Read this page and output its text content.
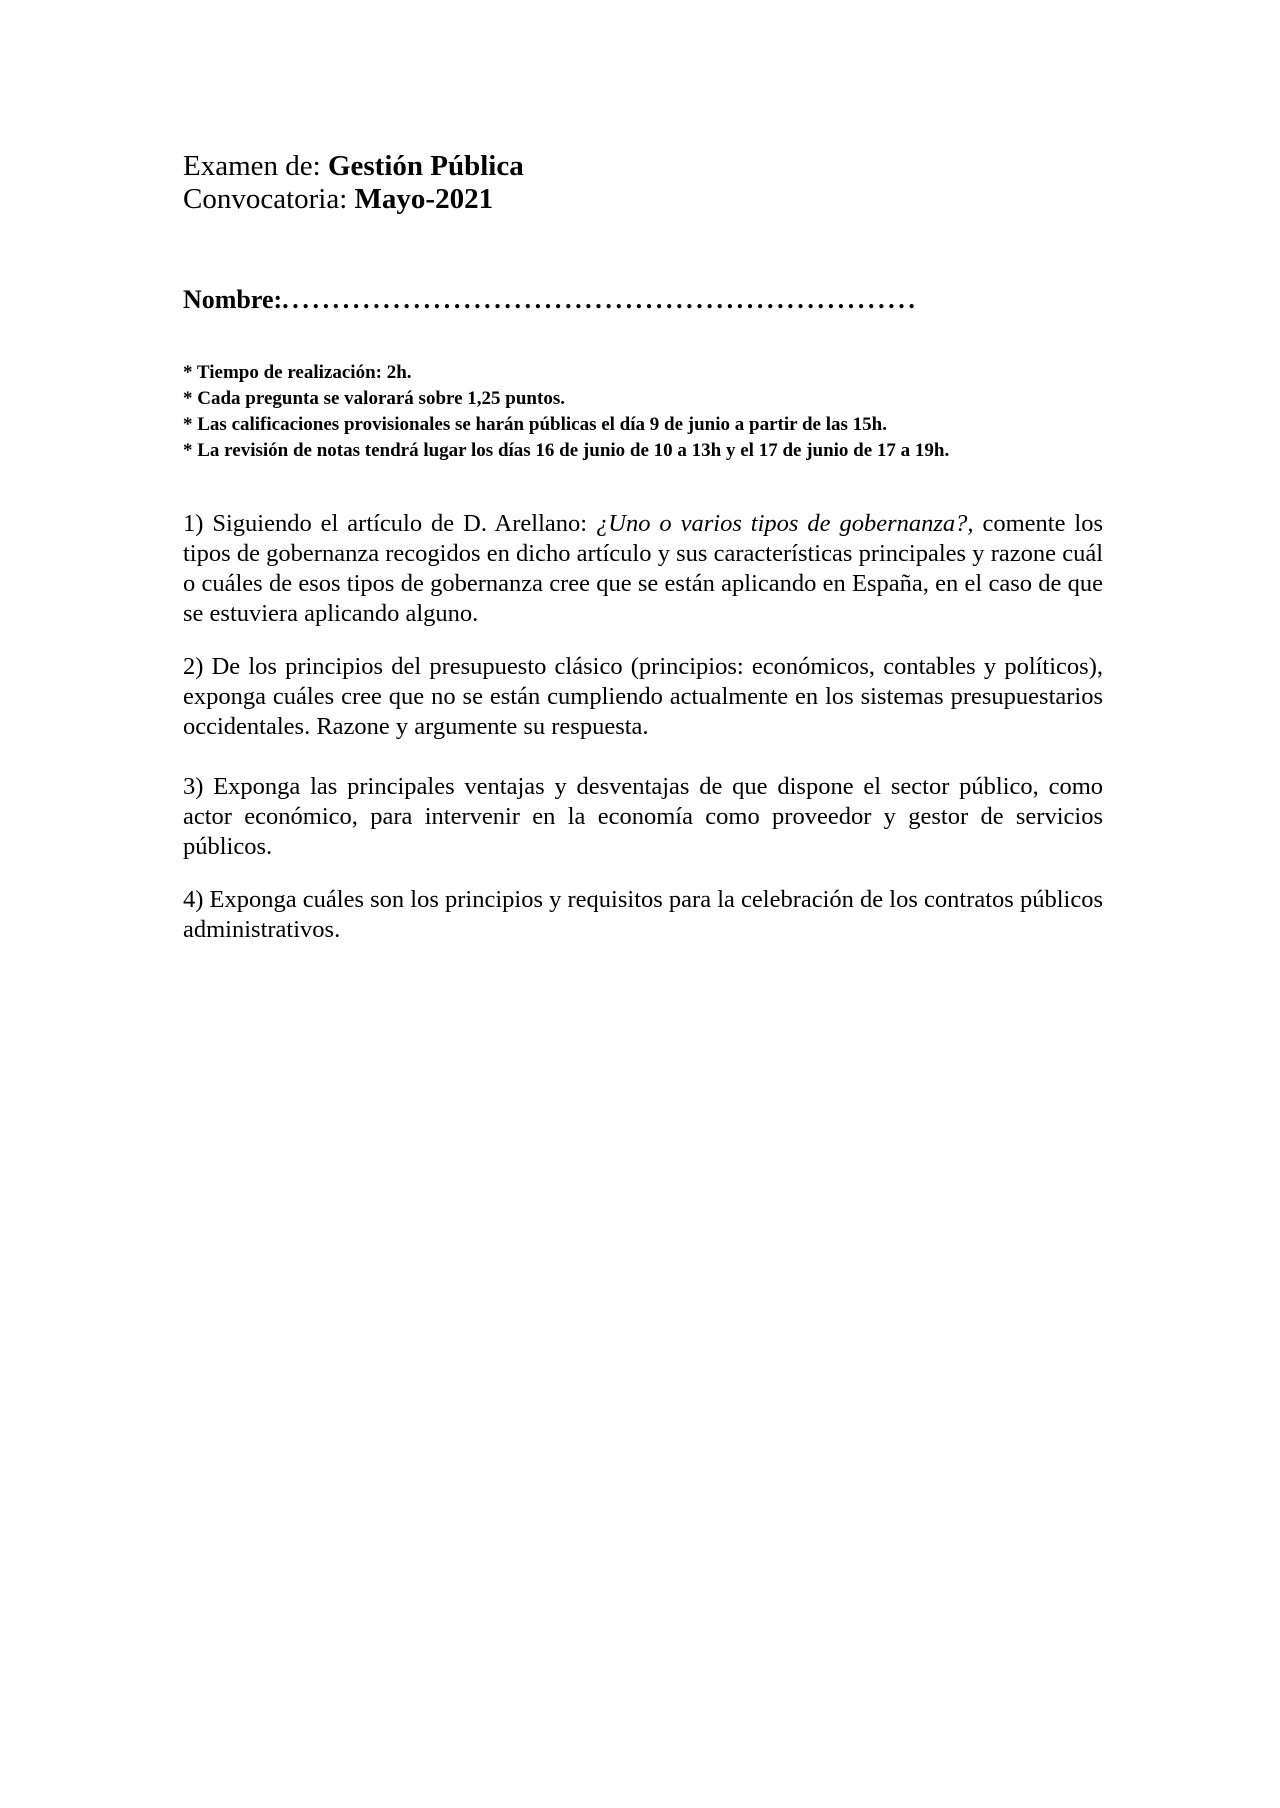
Examen de: Gestión Pública

Convocatoria: Mayo-2021

Nombre:...............................................................
* Tiempo de realización: 2h.
* Cada pregunta se valorará sobre 1,25 puntos.
* Las calificaciones provisionales se harán públicas el día 9 de junio a partir de las 15h.
* La revisión de notas tendrá lugar los días 16 de junio de 10 a 13h y el 17 de junio de 17 a 19h.

1) Siguiendo el artículo de D. Arellano: ¿Uno o varios tipos de gobernanza?, comente los tipos de gobernanza recogidos en dicho artículo y sus características principales y razone cuál o cuáles de esos tipos de gobernanza cree que se están aplicando en España, en el caso de que se estuviera aplicando alguno.

2) De los principios del presupuesto clásico (principios: económicos, contables y políticos), exponga cuáles cree que no se están cumpliendo actualmente en los sistemas presupuestarios occidentales. Razone y argumente su respuesta.

3) Exponga las principales ventajas y desventajas de que dispone el sector público, como actor económico, para intervenir en la economía como proveedor y gestor de servicios públicos.

4) Exponga cuáles son los principios y requisitos para la celebración de los contratos públicos administrativos.
